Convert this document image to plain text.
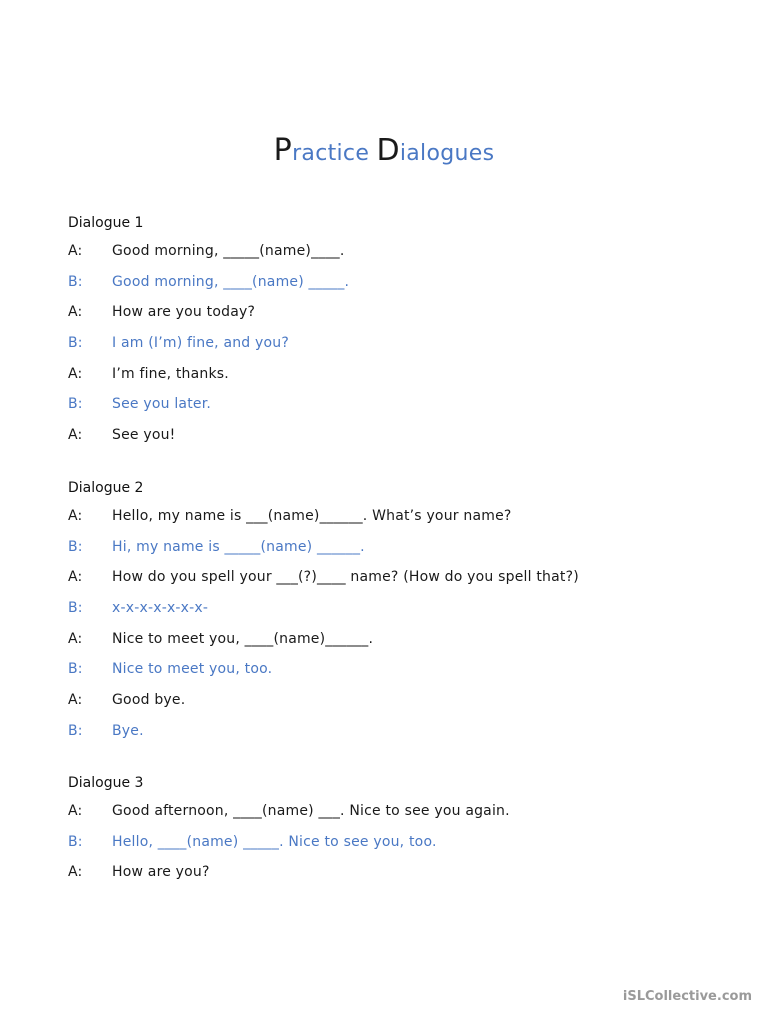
Practice Dialogues
Dialogue 1
A:	Good morning, _____(name)____.
B:	Good morning, ____(name) _____.
A:	How are you today?
B:	I am (I’m) fine, and you?
A:	I’m fine, thanks.
B:	See you later.
A:	See you!
Dialogue 2
A:	Hello, my name is ___(name)______. What’s your name?
B:	Hi, my name is _____(name) ______.
A:	How do you spell your ___(?)____ name? (How do you spell that?)
B:	x-x-x-x-x-x-x-
A:	Nice to meet you, ____(name)______.
B:	Nice to meet you, too.
A:	Good bye.
B:	Bye.
Dialogue 3
A:	Good afternoon, ____(name) ___. Nice to see you again.
B:	Hello, ____(name) _____. Nice to see you, too.
A:	How are you?
iSLCollective.com
